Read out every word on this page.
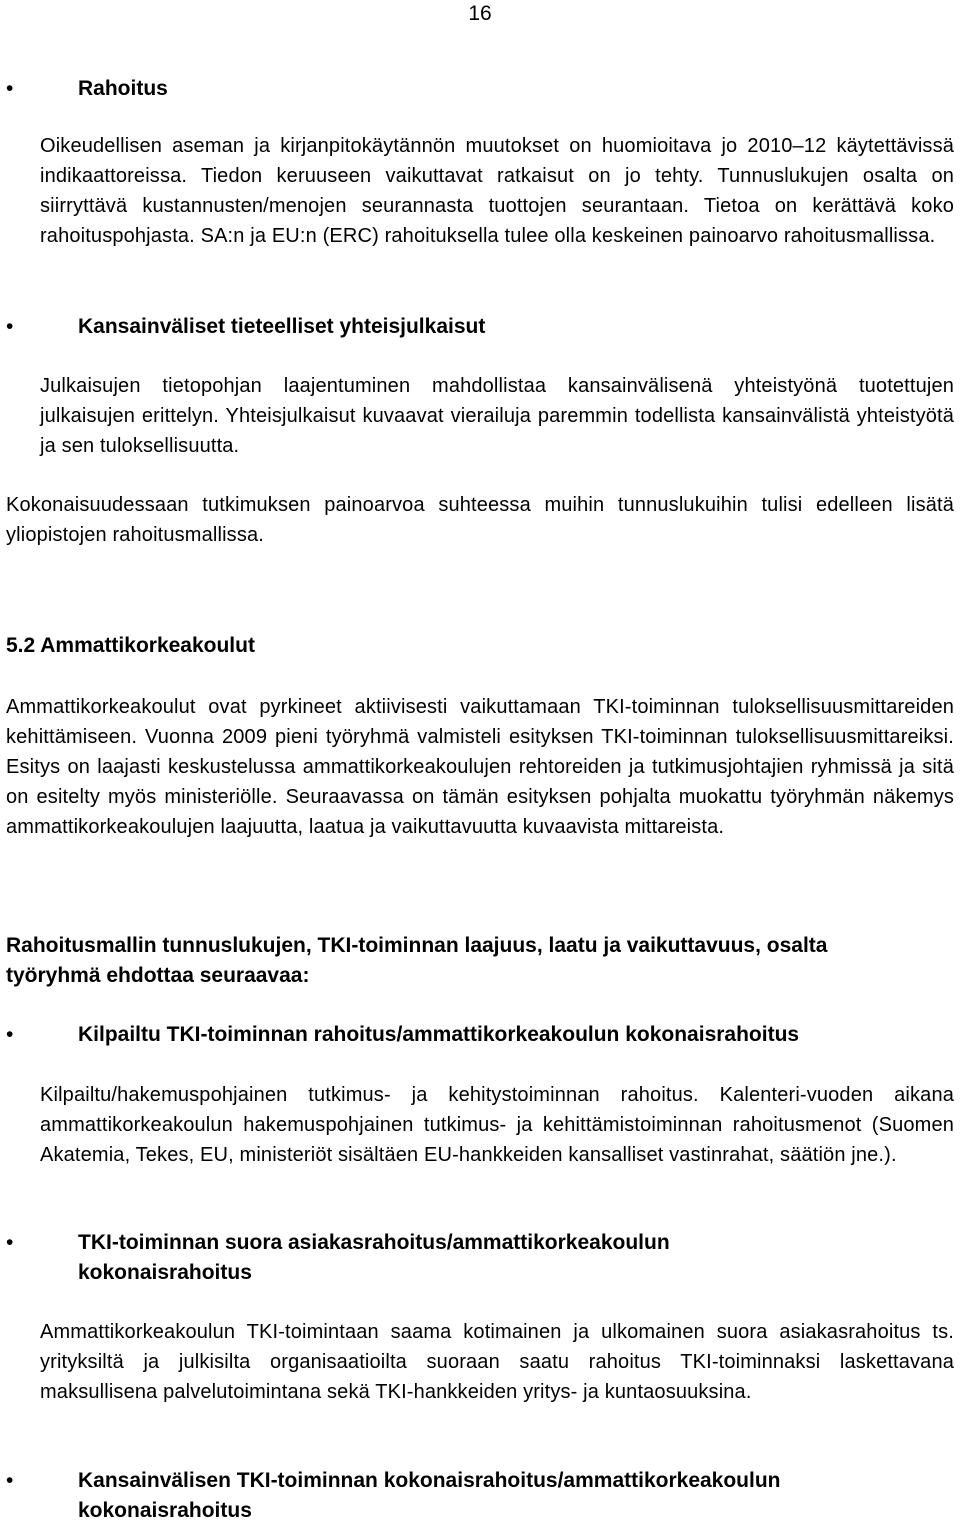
16
•	Rahoitus
Oikeudellisen aseman ja kirjanpitokäytännön muutokset on huomioitava jo 2010–12 käytettävissä indikaattoreissa. Tiedon keruuseen vaikuttavat ratkaisut on jo tehty. Tunnuslukujen osalta on siirryttävä kustannusten/menojen seurannasta tuottojen seurantaan. Tietoa on kerättävä koko rahoituspohjasta. SA:n ja EU:n (ERC) rahoituksella tulee olla keskeinen painoarvo rahoitusmallissa.
•	Kansainväliset tieteelliset yhteisjulkaisut
Julkaisujen tietopohjan laajentuminen mahdollistaa kansainvälisenä yhteistyönä tuotettujen julkaisujen erittelyn. Yhteisjulkaisut kuvaavat vierailuja paremmin todellista kansainvälistä yhteistyötä ja sen tuloksellisuutta.
Kokonaisuudessaan tutkimuksen painoarvoa suhteessa muihin tunnuslukuihin tulisi edelleen lisätä yliopistojen rahoitusmallissa.
5.2 Ammattikorkeakoulut
Ammattikorkeakoulut ovat pyrkineet aktiivisesti vaikuttamaan TKI-toiminnan tuloksellisuusmittareiden kehittämiseen. Vuonna 2009 pieni työryhmä valmisteli esityksen TKI-toiminnan tuloksellisuusmittareiksi. Esitys on laajasti keskustelussa ammattikorkeakoulujen rehtoreiden ja tutkimusjohtajien ryhmissä ja sitä on esitelty myös ministeriölle. Seuraavassa on tämän esityksen pohjalta muokattu työryhmän näkemys ammattikorkeakoulujen laajuutta, laatua ja vaikuttavuutta kuvaavista mittareista.
Rahoitusmallin tunnuslukujen, TKI-toiminnan laajuus, laatu ja vaikuttavuus, osalta työryhmä ehdottaa seuraavaa:
•	Kilpailtu TKI-toiminnan rahoitus/ammattikorkeakoulun kokonaisrahoitus
Kilpailtu/hakemuspohjainen tutkimus- ja kehitystoiminnan rahoitus. Kalenteri-vuoden aikana ammattikorkeakoulun hakemuspohjainen tutkimus- ja kehittämistoiminnan rahoitusmenot (Suomen Akatemia, Tekes, EU, ministeriöt sisältäen EU-hankkeiden kansalliset vastinrahat, säätiön jne.).
•	TKI-toiminnan suora asiakasrahoitus/ammattikorkeakoulun kokonaisrahoitus
Ammattikorkeakoulun TKI-toimintaan saama kotimainen ja ulkomainen suora asiakasrahoitus ts. yrityksiltä ja julkisilta organisaatioilta suoraan saatu rahoitus TKI-toiminnaksi laskettavana maksullisena palvelutoimintana sekä TKI-hankkeiden yritys- ja kuntaosuuksina.
•	Kansainvälisen TKI-toiminnan kokonaisrahoitus/ammattikorkeakoulun kokonaisrahoitus
